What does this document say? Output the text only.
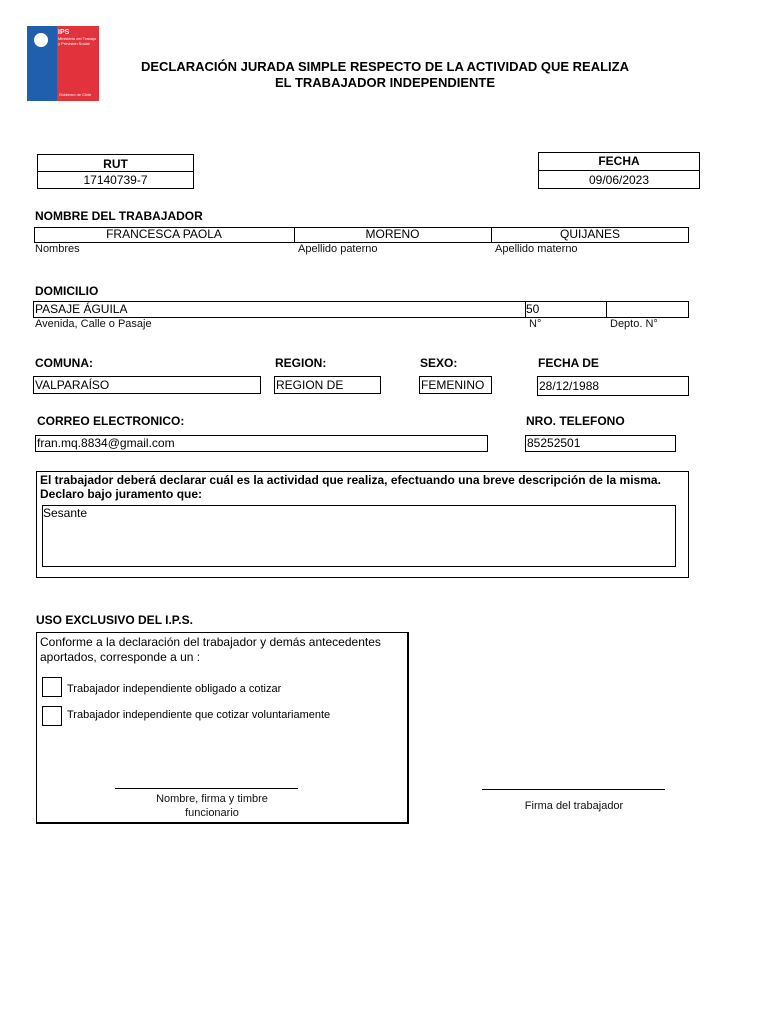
IPS
Ministerio del Trabajo
y Previsión Social
Gobierno de Chile
DECLARACIÓN JURADA SIMPLE RESPECTO DE LA ACTIVIDAD QUE REALIZA
EL TRABAJADOR INDEPENDIENTE
RUT
17140739-7
FECHA
09/06/2023
NOMBRE DEL TRABAJADOR
FRANCESCA PAOLA	MORENO	QUIJANES
Nombres	Apellido paterno	Apellido materno
DOMICILIO
PASAJE ÁGUILA	50
Avenida, Calle o Pasaje	N°	Depto. N°
COMUNA:	REGION:	SEXO:	FECHA DE
VALPARAÍSO	REGION DE	FEMENINO	28/12/1988
CORREO ELECTRONICO:	NRO. TELEFONO
fran.mq.8834@gmail.com	85252501
El trabajador deberá declarar cuál es la actividad que realiza, efectuando una breve descripción de la misma. Declaro bajo juramento que:
Sesante
USO EXCLUSIVO DEL I.P.S.
Conforme a la declaración del trabajador y demás antecedentes aportados, corresponde a un :
Trabajador independiente obligado a cotizar
Trabajador independiente que cotizar voluntariamente
Nombre, firma y timbre
funcionario
Firma del trabajador
